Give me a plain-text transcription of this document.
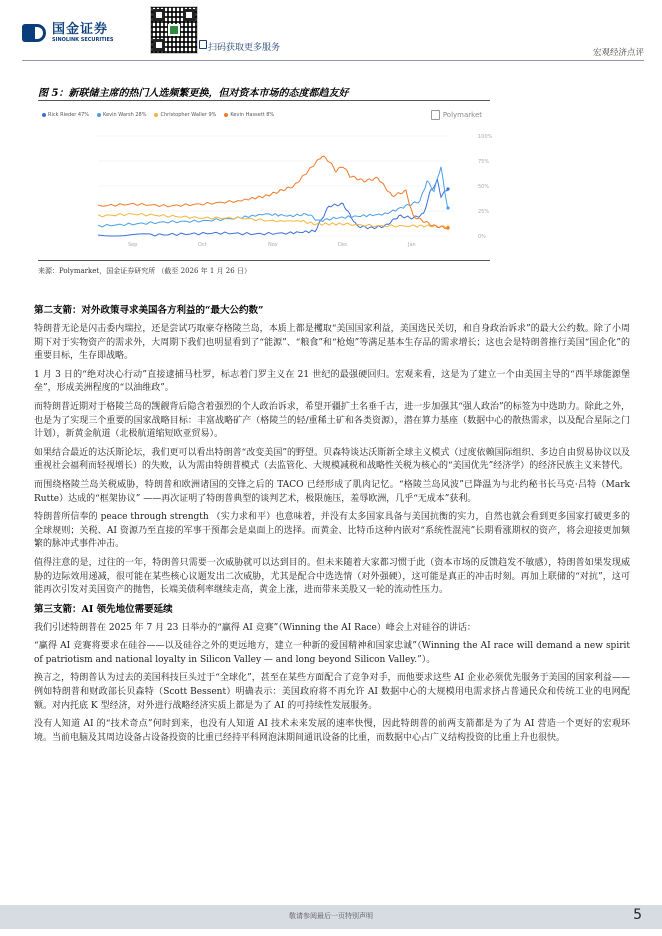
国金证券
SINOLINK SECURITIES
扫码获取更多服务	宏观经济点评
图 5：新联储主席的热门人选频繁更换，但对资本市场的态度都趋友好
Rick Rieder 47%	Kevin Warsh 28%	Christopher Waller 9%	Kevin Hassett 8%	Polymarket
100%
75%
50%
25%
0%
Sep	Oct	Nov	Dec	Jan
来源：Polymarket，国金证券研究所 （截至 2026 年 1 月 26 日）
第二支箭：对外政策寻求美国各方利益的“最大公约数”
特朗普无论是闪击委内瑞拉，还是尝试巧取豪夺格陵兰岛，本质上都是攫取“美国国家利益，美国选民关切，和自身政治诉求”的最大公约数。除了小周期下对于实物资产的需求外，大周期下我们也明显看到了“能源”、“粮食”和“枪炮”等满足基本生存品的需求增长；这也会是特朗普推行美国“国企化”的重要目标，生存即战略。
1 月 3 日的“绝对决心行动”直接逮捕马杜罗，标志着门罗主义在 21 世纪的最强硬回归。宏观来看，这是为了建立一个由美国主导的“西半球能源堡垒”，形成美洲程度的“以油维政”。
而特朗普近期对于格陵兰岛的觊觎背后隐含着强烈的个人政治诉求，希望开疆扩土名垂千古，进一步加强其“强人政治”的标签为中选助力。除此之外，也是为了实现三个重要的国家战略目标：丰富战略矿产（格陵兰的轻/重稀土矿和各类资源），潜在算力基座（数据中心的散热需求，以及配合星际之门计划），新黄金航道（北极航道缩短欧亚贸易）。
如果结合最近的达沃斯论坛，我们更可以看出特朗普“改变美国”的野望。贝森特谈达沃斯新全球主义模式（过度依赖国际组织、多边自由贸易协议以及重视社会福利而轻视增长）的失败，认为需由特朗普模式（去监管化、大规模减税和战略性关税为核心的“美国优先”经济学）的经济民族主义来替代。
而围绕格陵兰岛关税威胁，特朗普和欧洲诸国的交锋之后的 TACO 已经形成了肌肉记忆。“格陵兰岛风波”已降温为与北约秘书长马克·吕特（Mark Rutte）达成的“框架协议” ——再次证明了特朗普典型的谈判艺术，极限施压，羞辱欧洲，几乎“无成本”获利。
特朗普所信奉的 peace through strength （实力求和平）也意味着，并没有太多国家具备与美国抗衡的实力，自然也就会看到更多国家打破更多的全球规则；关税、AI 资源乃至直接的军事干预都会是桌面上的选择。而黄金、比特币这种内嵌对“系统性混沌”长期看涨期权的资产，将会迎接更加频繁的脉冲式事件冲击。
值得注意的是，过往的一年，特朗普只需要一次威胁就可以达到目的。但未来随着大家都习惯于此（资本市场的反馈趋发不敏感），特朗普如果发现威胁的边际效用递减，很可能在某些核心议题发出二次威胁，尤其是配合中选选情（对外强硬），这可能是真正的冲击时刻。再加上联储的“对抗”，这可能再次引发对美国资产的抛售，长端美债利率继续走高，黄金上涨，进而带来美股又一轮的流动性压力。
第三支箭：AI 领先地位需要延续
我们引述特朗普在 2025 年 7 月 23 日举办的“赢得 AI 竞赛”（Winning the AI Race）峰会上对硅谷的讲话：
“赢得 AI 竞赛将要求在硅谷——以及硅谷之外的更远地方，建立一种新的爱国精神和国家忠诚”（Winning the AI race will demand a new spirit of patriotism and national loyalty in Silicon Valley — and long beyond Silicon Valley.”）。
换言之，特朗普认为过去的美国科技巨头过于“全球化”，甚至在某些方面配合了竞争对手，而他要求这些 AI 企业必须优先服务于美国的国家利益——例如特朗普和财政部长贝森特（Scott Bessent）明确表示：美国政府将不再允许 AI 数据中心的大规模用电需求挤占普通民众和传统工业的电网配额。对内托底 K 型经济，对外进行战略经济实质上都是为了 AI 的可持续性发展服务。
没有人知道 AI 的“技术奇点”何时到来，也没有人知道 AI 技术未来发展的速率快慢，因此特朗普的前两支箭都是为了为 AI 营造一个更好的宏观环境。当前电脑及其周边设备占设备投资的比重已经持平科网泡沫期间通讯设备的比重，而数据中心占广义结构投资的比重上升也很快。
敬请参阅最后一页特别声明	5
